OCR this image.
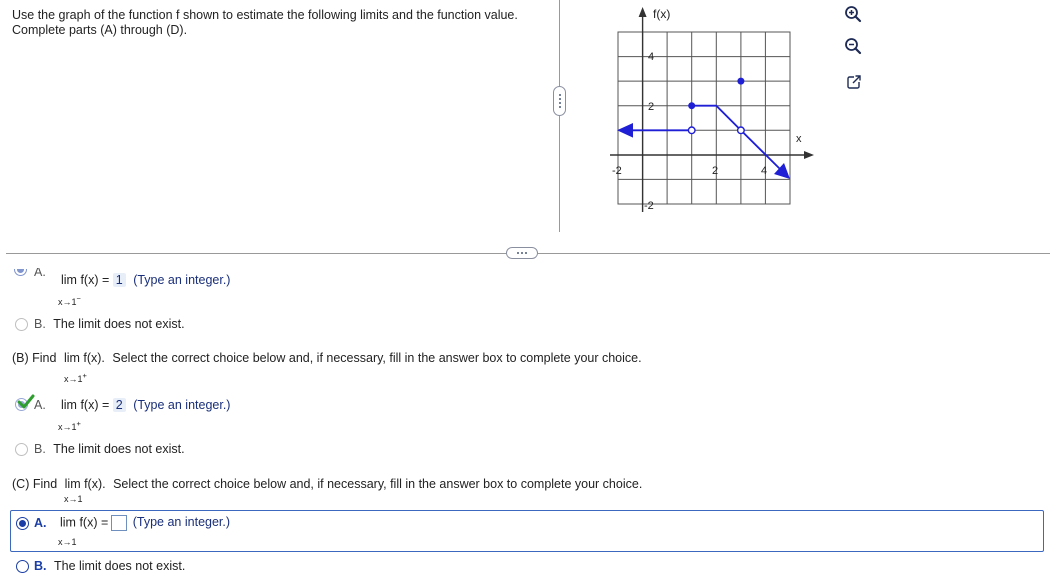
Use the graph of the function f shown to estimate the following limits and the function value. Complete parts (A) through (D).
f(x)
x
-2	2	4
4
2
-2
A.
lim f(x) = 1 (Type an integer.)
x→1−
B. The limit does not exist.
(B) Find lim f(x). Select the correct choice below and, if necessary, fill in the answer box to complete your choice.
x→1+
A. lim f(x) = 2 (Type an integer.)
x→1+
B. The limit does not exist.
(C) Find lim f(x). Select the correct choice below and, if necessary, fill in the answer box to complete your choice.
x→1
A. lim f(x) = (Type an integer.)
x→1
B. The limit does not exist.
